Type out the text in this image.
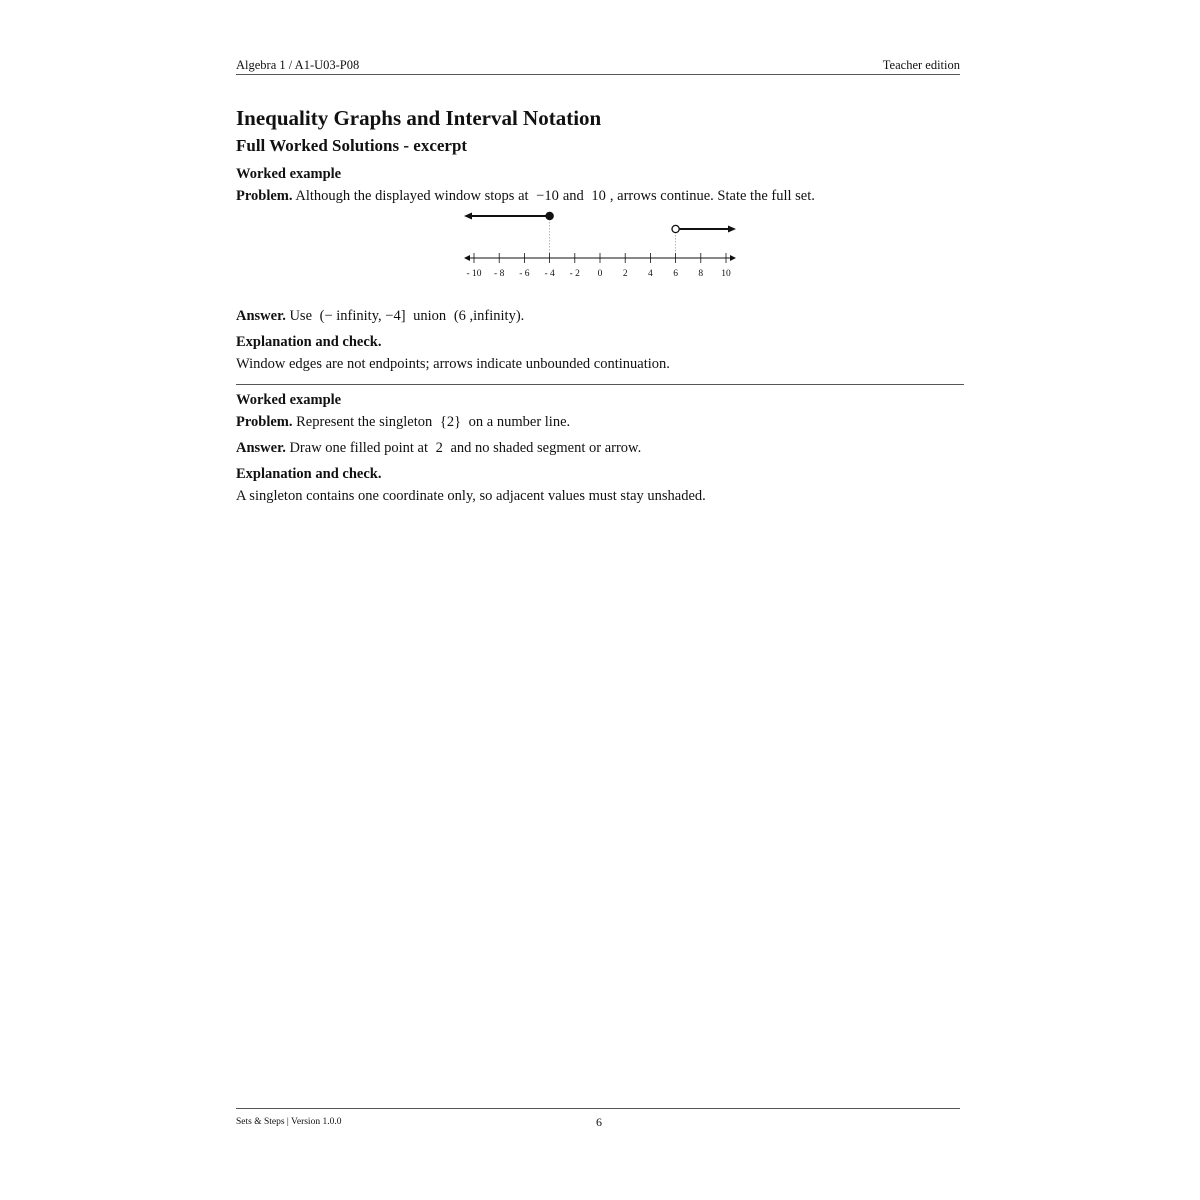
Algebra 1 / A1-U03-P08	Teacher edition
Inequality Graphs and Interval Notation
Full Worked Solutions - excerpt
Worked example

Problem. Although the displayed window stops at −10 and 10 , arrows continue. State the full set.

- 10 - 8 - 6 - 4 - 2 0 2 4 6 8 10

Answer. Use (− infinity, −4] union (6 ,infinity).

Explanation and check.

Window edges are not endpoints; arrows indicate unbounded continuation.

Worked example

Problem. Represent the singleton {2} on a number line.

Answer. Draw one filled point at 2 and no shaded segment or arrow.

Explanation and check.

A singleton contains one coordinate only, so adjacent values must stay unshaded.

Sets & Steps | Version 1.0.0	6
